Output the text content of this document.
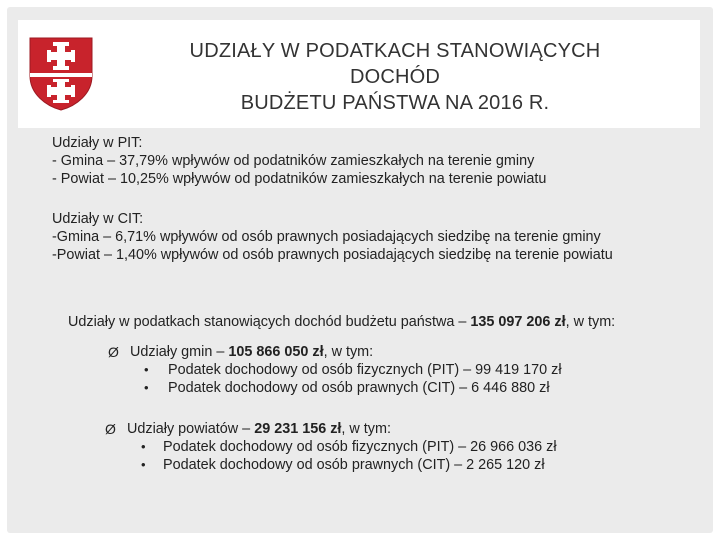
UDZIAŁY W PODATKACH STANOWIĄCYCH
DOCHÓD
BUDŻETU PAŃSTWA NA 2016 R.
Udziały w PIT:
- Gmina – 37,79% wpływów od podatników zamieszkałych na terenie gminy
- Powiat – 10,25% wpływów od podatników zamieszkałych na terenie powiatu
Udziały w CIT:
-Gmina – 6,71% wpływów od osób prawnych posiadających siedzibę na terenie gminy
-Powiat – 1,40% wpływów od osób prawnych posiadających siedzibę na terenie powiatu
Udziały w podatkach stanowiących dochód budżetu państwa – 135 097 206 zł, w tym:
Ø Udziały gmin – 105 866 050 zł, w tym:
• Podatek dochodowy od osób fizycznych (PIT) – 99 419 170 zł
• Podatek dochodowy od osób prawnych (CIT) – 6 446 880 zł
Ø Udziały powiatów – 29 231 156 zł, w tym:
• Podatek dochodowy od osób fizycznych (PIT) – 26 966 036 zł
• Podatek dochodowy od osób prawnych (CIT) – 2 265 120 zł
